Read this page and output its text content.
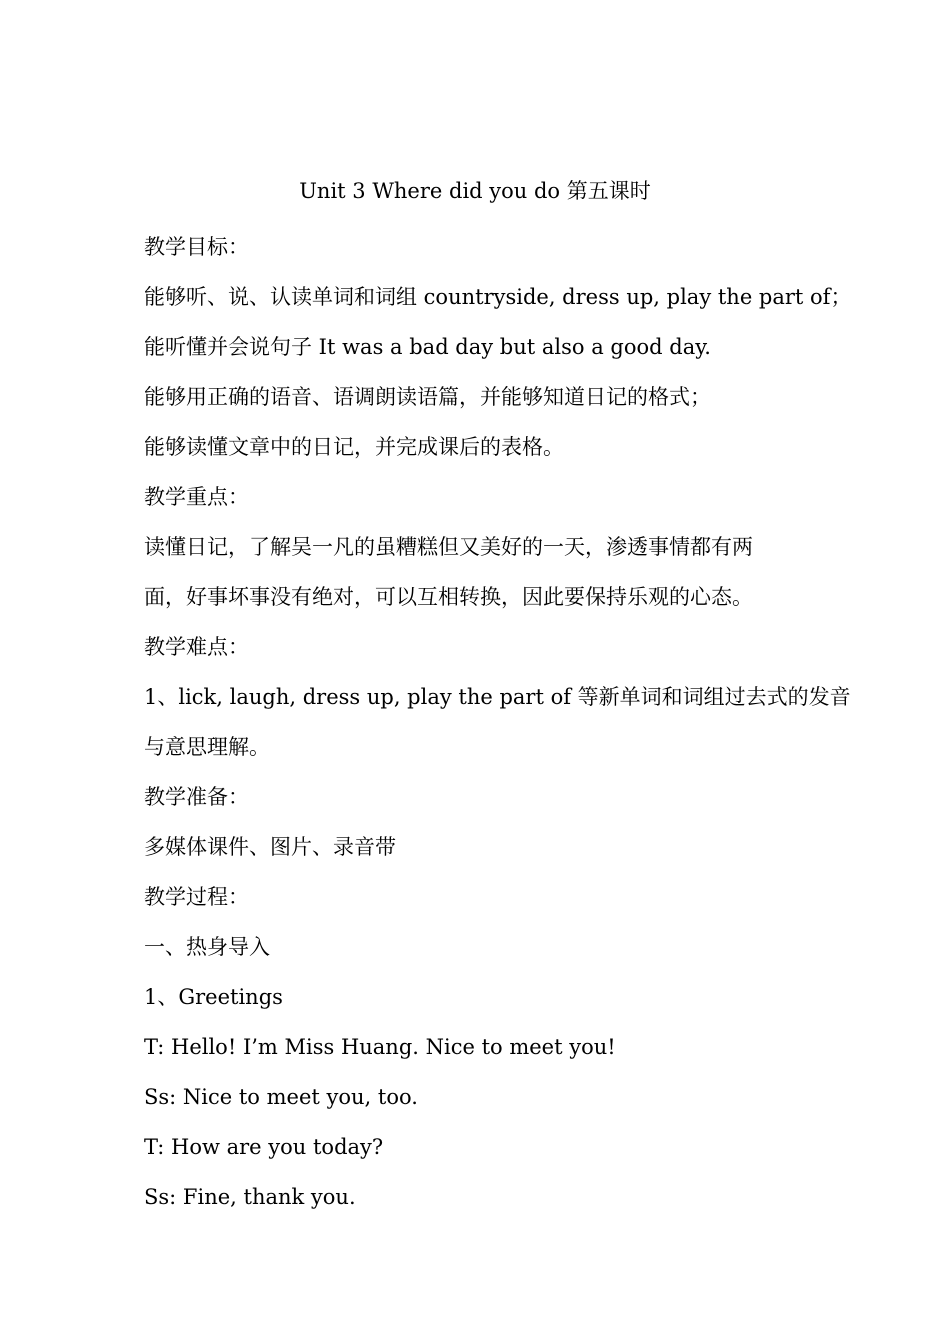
Unit 3 Where did you do 第五课时
教学目标：
能够听、说、认读单词和词组 countryside, dress up, play the part of；
能听懂并会说句子 It was a bad day but also a good day.
能够用正确的语音、语调朗读语篇，并能够知道日记的格式；
能够读懂文章中的日记，并完成课后的表格。
教学重点：
读懂日记，了解吴一凡的虽糟糕但又美好的一天，渗透事情都有两
面，好事坏事没有绝对，可以互相转换，因此要保持乐观的心态。
教学难点：
1、lick, laugh, dress up, play the part of 等新单词和词组过去式的发音
与意思理解。
教学准备：
多媒体课件、图片、录音带
教学过程：
一、热身导入
1、Greetings
T: Hello! I’m Miss Huang. Nice to meet you!
Ss: Nice to meet you, too.
T: How are you today?
Ss: Fine, thank you.
